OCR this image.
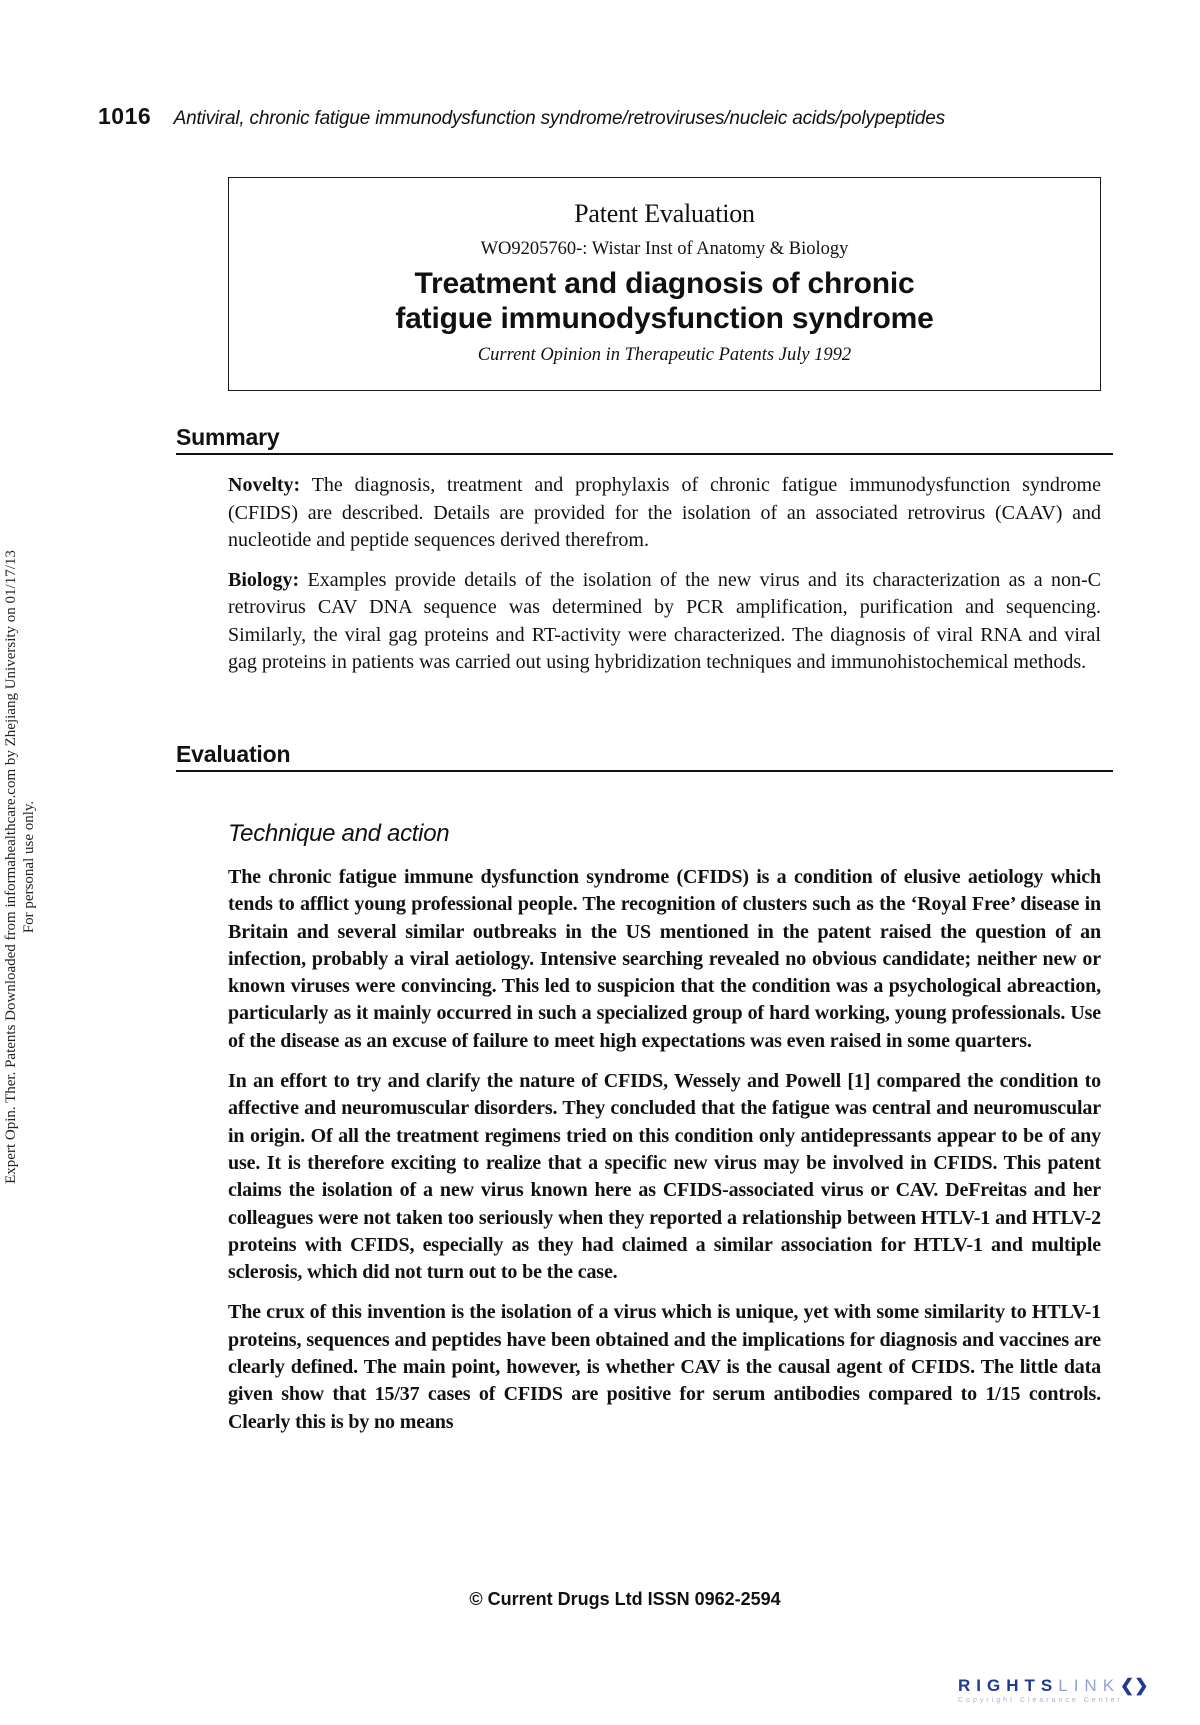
1016 Antiviral, chronic fatigue immunodysfunction syndrome/retroviruses/nucleic acids/polypeptides
Patent Evaluation
WO9205760-: Wistar Inst of Anatomy & Biology
Treatment and diagnosis of chronic
fatigue immunodysfunction syndrome
Current Opinion in Therapeutic Patents July 1992
Summary

Novelty: The diagnosis, treatment and prophylaxis of chronic fatigue immunodysfunction syndrome (CFIDS) are described. Details are provided for the isolation of an associated retrovirus (CAAV) and nucleotide and peptide sequences derived therefrom.

Biology: Examples provide details of the isolation of the new virus and its characterization as a non-C retrovirus CAV DNA sequence was determined by PCR amplification, purification and sequencing. Similarly, the viral gag proteins and RT-activity were characterized. The diagnosis of viral RNA and viral gag proteins in patients was carried out using hybridization techniques and immunohistochemical methods.

Evaluation
Technique and action

The chronic fatigue immune dysfunction syndrome (CFIDS) is a condition of elusive aetiology which tends to afflict young professional people. The recognition of clusters such as the ‘Royal Free’ disease in Britain and several similar outbreaks in the US mentioned in the patent raised the question of an infection, probably a viral aetiology. Intensive searching revealed no obvious candidate; neither new or known viruses were convincing. This led to suspicion that the condition was a psychological abreaction, particularly as it mainly occurred in such a specialized group of hard working, young professionals. Use of the disease as an excuse of failure to meet high expectations was even raised in some quarters.

In an effort to try and clarify the nature of CFIDS, Wessely and Powell [1] compared the condition to affective and neuromuscular disorders. They concluded that the fatigue was central and neuromuscular in origin. Of all the treatment regimens tried on this condition only antidepressants appear to be of any use. It is therefore exciting to realize that a specific new virus may be involved in CFIDS. This patent claims the isolation of a new virus known here as CFIDS-associated virus or CAV. DeFreitas and her colleagues were not taken too seriously when they reported a relationship between HTLV-1 and HTLV-2 proteins with CFIDS, especially as they had claimed a similar association for HTLV-1 and multiple sclerosis, which did not turn out to be the case.

The crux of this invention is the isolation of a virus which is unique, yet with some similarity to HTLV-1 proteins, sequences and peptides have been obtained and the implications for diagnosis and vaccines are clearly defined. The main point, however, is whether CAV is the causal agent of CFIDS. The little data given show that 15/37 cases of CFIDS are positive for serum antibodies compared to 1/15 controls. Clearly this is by no means

Expert Opin. Ther. Patents Downloaded from informahealthcare.com by Zhejiang University on 01/17/13 For personal use only.
© Current Drugs Ltd ISSN 0962-2594
RIGHTSLINK❮❯
Copyright Clearance Center
